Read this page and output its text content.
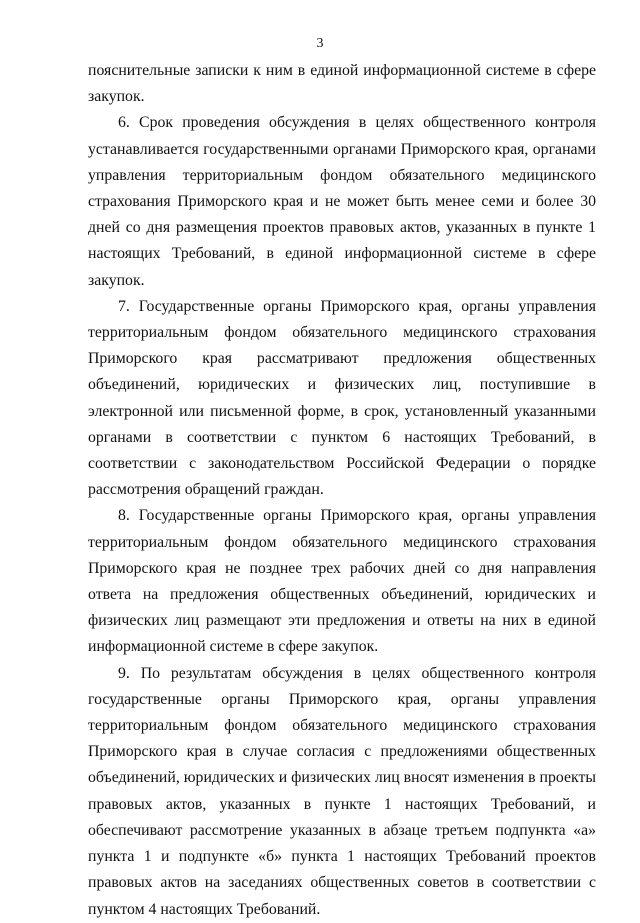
3

пояснительные записки к ним в единой информационной системе в сфере закупок.

6. Срок проведения обсуждения в целях общественного контроля устанавливается государственными органами Приморского края, органами управления территориальным фондом обязательного медицинского страхования Приморского края и не может быть менее семи и более 30 дней со дня размещения проектов правовых актов, указанных в пункте 1 настоящих Требований, в единой информационной системе в сфере закупок.

7. Государственные органы Приморского края, органы управления территориальным фондом обязательного медицинского страхования Приморского края рассматривают предложения общественных объединений, юридических и физических лиц, поступившие в электронной или письменной форме, в срок, установленный указанными органами в соответствии с пунктом 6 настоящих Требований, в соответствии с законодательством Российской Федерации о порядке рассмотрения обращений граждан.

8. Государственные органы Приморского края, органы управления территориальным фондом обязательного медицинского страхования Приморского края не позднее трех рабочих дней со дня направления ответа на предложения общественных объединений, юридических и физических лиц размещают эти предложения и ответы на них в единой информационной системе в сфере закупок.

9. По результатам обсуждения в целях общественного контроля государственные органы Приморского края, органы управления территориальным фондом обязательного медицинского страхования Приморского края в случае согласия с предложениями общественных объединений, юридических и физических лиц вносят изменения в проекты правовых актов, указанных в пункте 1 настоящих Требований, и обеспечивают рассмотрение указанных в абзаце третьем подпункта «а» пункта 1 и подпункте «б» пункта 1 настоящих Требований проектов правовых актов на заседаниях общественных советов в соответствии с пунктом 4 настоящих Требований.
